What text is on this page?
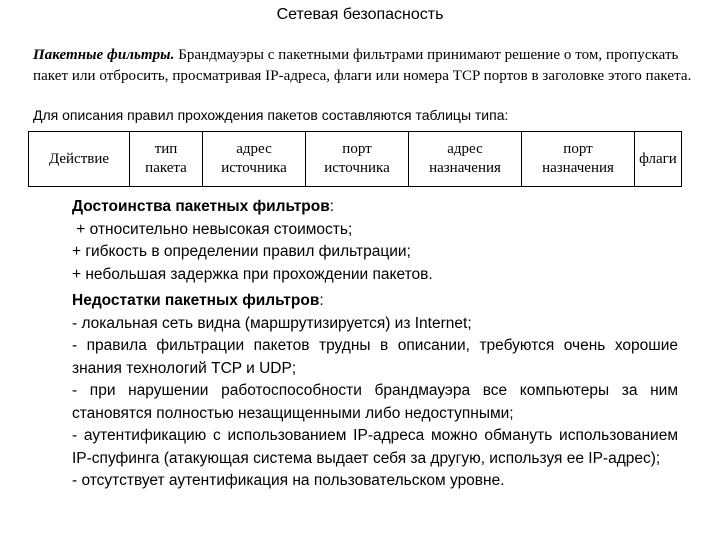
Сетевая безопасность
Пакетные фильтры. Брандмауэры с пакетными фильтрами принимают решение о том, пропускать пакет или отбросить, просматривая IP-адреса, флаги или номера TCP портов в заголовке этого пакета.
Для описания правил прохождения пакетов составляются таблицы типа:
Действие	тип пакета	адрес источника	порт источника	адрес назначения	порт назначения	флаги
Достоинства пакетных фильтров:
+ относительно невысокая стоимость;
+ гибкость в определении правил фильтрации;
+ небольшая задержка при прохождении пакетов.
Недостатки пакетных фильтров:
- локальная сеть видна (маршрутизируется) из Internet;
- правила фильтрации пакетов трудны в описании, требуются очень хорошие знания технологий TCP и UDP;
- при нарушении работоспособности брандмауэра все компьютеры за ним становятся полностью незащищенными либо недоступными;
- аутентификацию с использованием IP-адреса можно обмануть использованием IP-спуфинга (атакующая система выдает себя за другую, используя ее IP-адрес);
- отсутствует аутентификация на пользовательском уровне.
